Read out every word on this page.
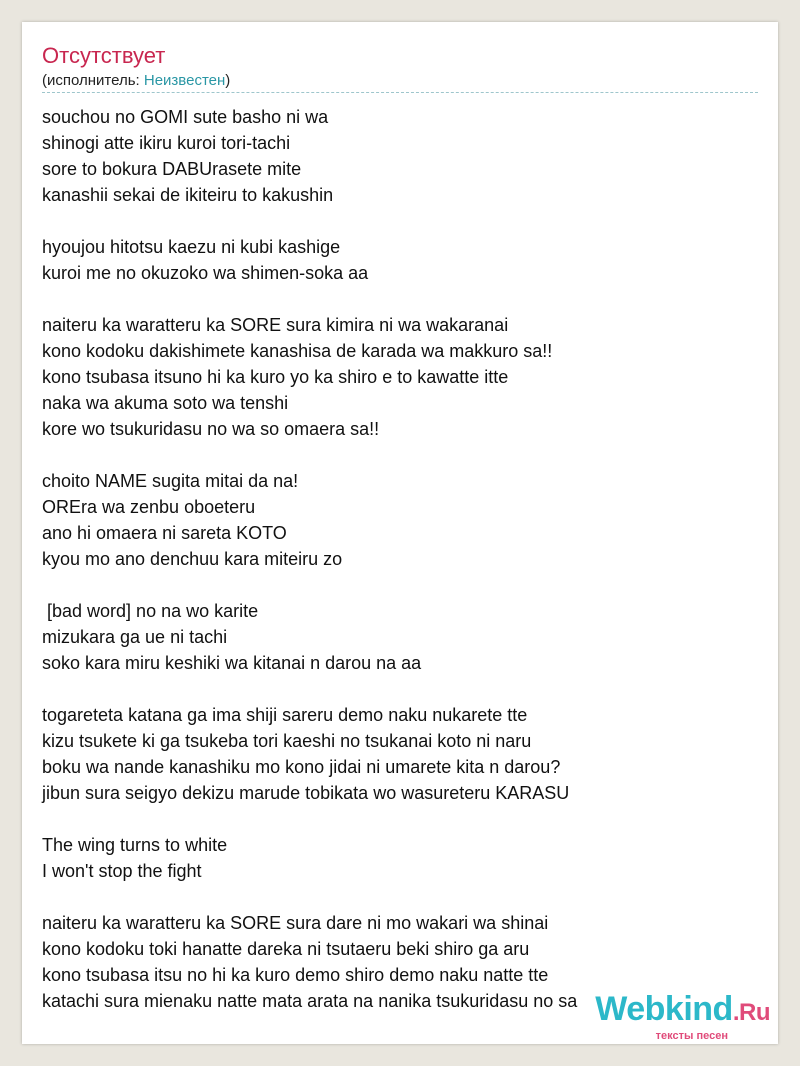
Отсутствует
(исполнитель: Неизвестен)
souchou no GOMI sute basho ni wa
shinogi atte ikiru kuroi tori-tachi
sore to bokura DABUrasete mite
kanashii sekai de ikiteiru to kakushin
hyoujou hitotsu kaezu ni kubi kashige
kuroi me no okuzoko wa shimen-soka aa
naiteru ka waratteru ka SORE sura kimira ni wa wakaranai
kono kodoku dakishimete kanashisa de karada wa makkuro sa!!
kono tsubasa itsuno hi ka kuro yo ka shiro e to kawatte itte
naka wa akuma soto wa tenshi
kore wo tsukuridasu no wa so omaera sa!!
choito NAME sugita mitai da na!
OREra wa zenbu oboeteru
ano hi omaera ni sareta KOTO
kyou mo ano denchuu kara miteiru zo
[bad word] no na wo karite
mizukara ga ue ni tachi
soko kara miru keshiki wa kitanai n darou na aa
togareteta katana ga ima shiji sareru demo naku nukarete tte
kizu tsukete ki ga tsukeba tori kaeshi no tsukanai koto ni naru
boku wa nande kanashiku mo kono jidai ni umarete kita n darou?
jibun sura seigyo dekizu marude tobikata wo wasureteru KARASU
The wing turns to white
I won't stop the fight
naiteru ka waratteru ka SORE sura dare ni mo wakari wa shinai
kono kodoku toki hanatte dareka ni tsutaeru beki shiro ga aru
kono tsubasa itsu no hi ka kuro demo shiro demo naku natte tte
katachi sura mienaku natte mata arata na nanika tsukuridasu no sa Webkind.Ru
тексты песен
